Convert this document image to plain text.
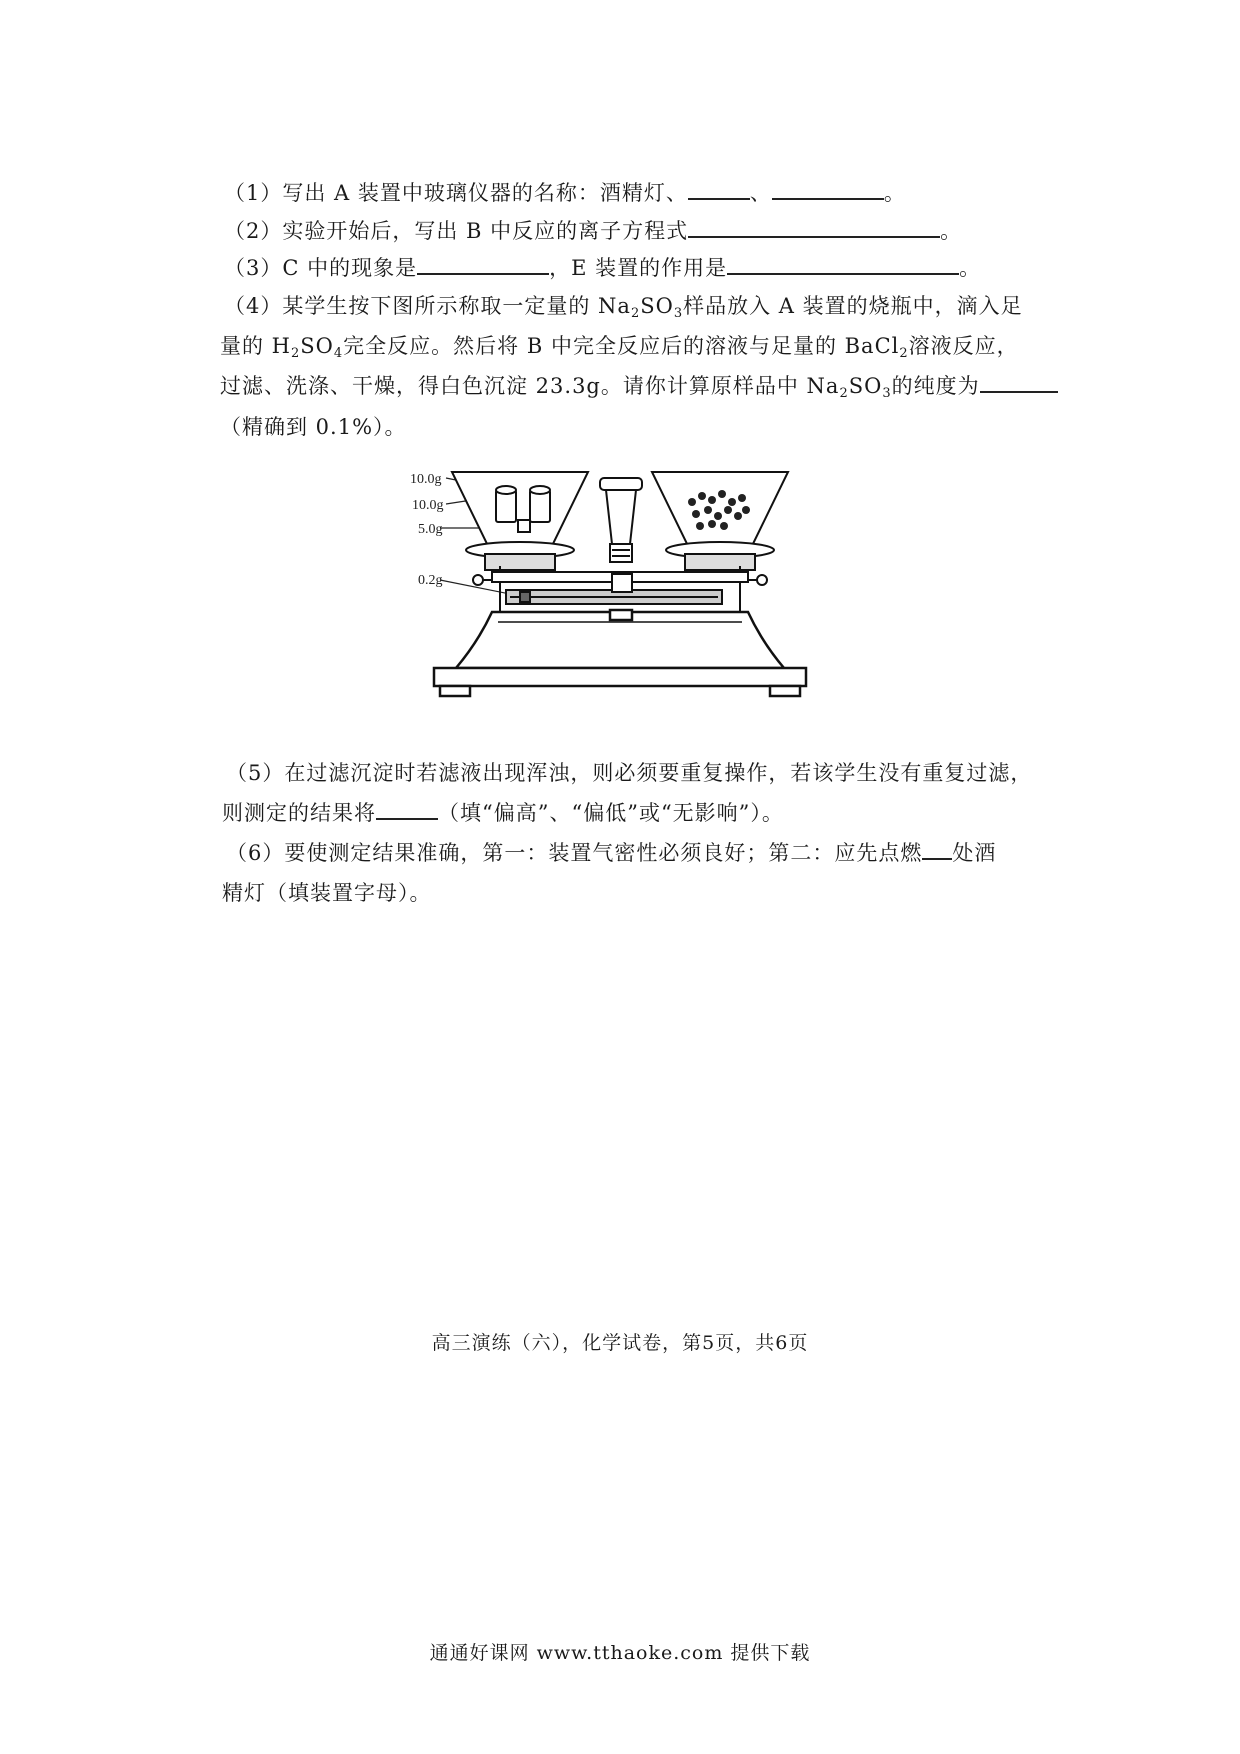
（1）写出 A 装置中玻璃仪器的名称：酒精灯、	、	。
（2）实验开始后，写出 B 中反应的离子方程式	。
（3）C 中的现象是	，E 装置的作用是	。
（4）某学生按下图所示称取一定量的 $Na_2SO_3$样品放入 A 装置的烧瓶中，滴入足
量的 $H_2SO_4$完全反应。然后将 B 中完全反应后的溶液与足量的 BaCl$_2$溶液反应，
过滤、洗涤、干燥，得白色沉淀 23.3g。请你计算原样品中 $Na_2SO_3$的纯度为
（精确到 0.1%）。
10.0g
10.0g
5.0g
0.2g
（5）在过滤沉淀时若滤液出现浑浊，则必须要重复操作，若该学生没有重复过滤，
则测定的结果将	（填“偏高”、“偏低”或“无影响”）。
（6）要使测定结果准确，第一：装置气密性必须良好；第二：应先点燃 处酒
精灯（填装置字母）。
高三演练（六），化学试卷，第5页，共6页
通通好课网 www.tthaoke.com 提供下载
